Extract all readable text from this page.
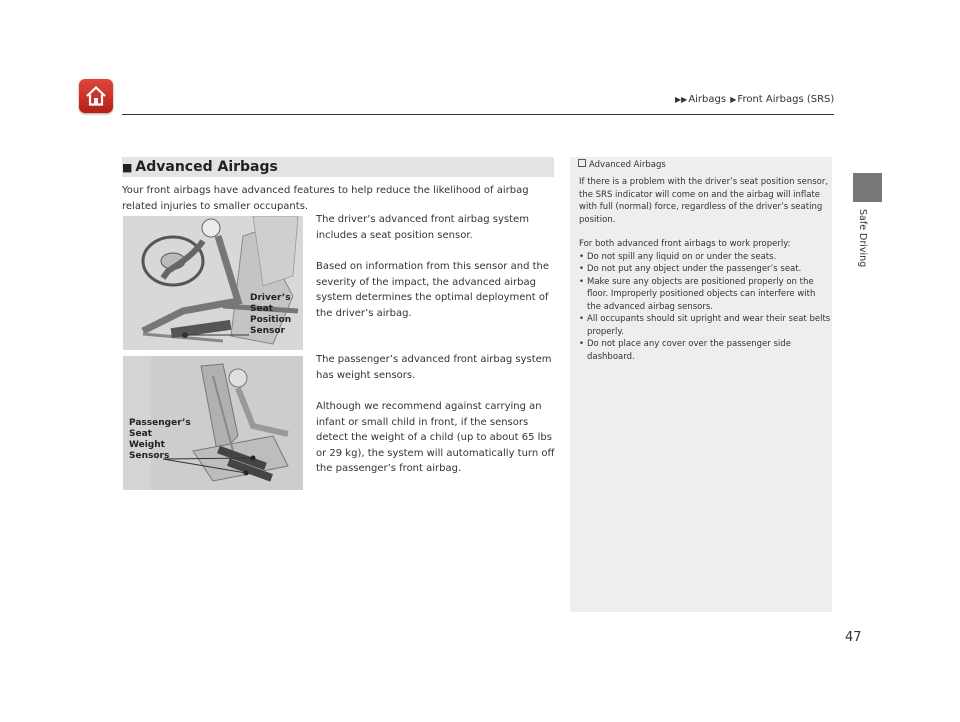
▶▶Airbags ▶Front Airbags (SRS)
Safe Driving
■ Advanced Airbags
Your front airbags have advanced features to help reduce the likelihood of airbag related injuries to smaller occupants.
Driver’s
Seat
Position
Sensor
Passenger’s
Seat
Weight
Sensors

The driver’s advanced front airbag system includes a seat position sensor.

Based on information from this sensor and the severity of the impact, the advanced airbag system determines the optimal deployment of the driver’s airbag.

The passenger’s advanced front airbag system has weight sensors.

Although we recommend against carrying an infant or small child in front, if the sensors detect the weight of a child (up to about 65 lbs or 29 kg), the system will automatically turn off the passenger’s front airbag.

Advanced Airbags

If there is a problem with the driver’s seat position sensor, the SRS indicator will come on and the airbag will inflate with full (normal) force, regardless of the driver’s seating position.

For both advanced front airbags to work properly:

• Do not spill any liquid on or under the seats.
• Do not put any object under the passenger’s seat.
• Make sure any objects are positioned properly on the floor. Improperly positioned objects can interfere with the advanced airbag sensors.
• All occupants should sit upright and wear their seat belts properly.
• Do not place any cover over the passenger side dashboard.
47
